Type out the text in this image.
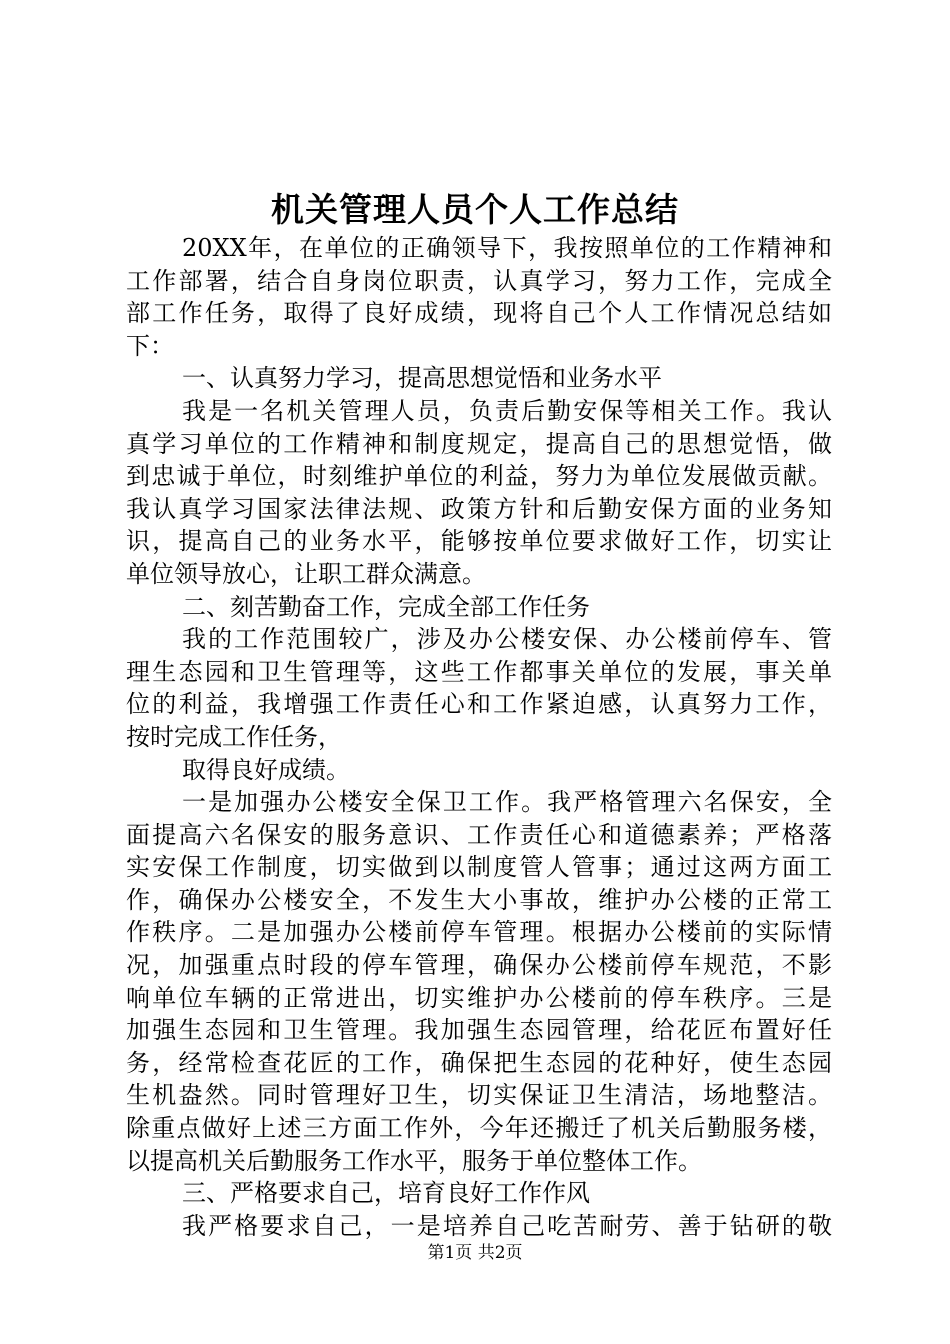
机关管理人员个人工作总结
20XX年，在单位的正确领导下，我按照单位的工作精神和
工作部署，结合自身岗位职责，认真学习，努力工作，完成全
部工作任务，取得了良好成绩，现将自己个人工作情况总结如
下：
一、认真努力学习，提高思想觉悟和业务水平
我是一名机关管理人员，负责后勤安保等相关工作。我认
真学习单位的工作精神和制度规定，提高自己的思想觉悟，做
到忠诚于单位，时刻维护单位的利益，努力为单位发展做贡献。
我认真学习国家法律法规、政策方针和后勤安保方面的业务知
识，提高自己的业务水平，能够按单位要求做好工作，切实让
单位领导放心，让职工群众满意。
二、刻苦勤奋工作，完成全部工作任务
我的工作范围较广，涉及办公楼安保、办公楼前停车、管
理生态园和卫生管理等，这些工作都事关单位的发展，事关单
位的利益，我增强工作责任心和工作紧迫感，认真努力工作，
按时完成工作任务，
取得良好成绩。
一是加强办公楼安全保卫工作。我严格管理六名保安，全
面提高六名保安的服务意识、工作责任心和道德素养；严格落
实安保工作制度，切实做到以制度管人管事；通过这两方面工
作，确保办公楼安全，不发生大小事故，维护办公楼的正常工
作秩序。二是加强办公楼前停车管理。根据办公楼前的实际情
况，加强重点时段的停车管理，确保办公楼前停车规范，不影
响单位车辆的正常进出，切实维护办公楼前的停车秩序。三是
加强生态园和卫生管理。我加强生态园管理，给花匠布置好任
务，经常检查花匠的工作，确保把生态园的花种好，使生态园
生机盎然。同时管理好卫生，切实保证卫生清洁，场地整洁。
除重点做好上述三方面工作外，今年还搬迁了机关后勤服务楼，
以提高机关后勤服务工作水平，服务于单位整体工作。
三、严格要求自己，培育良好工作作风
我严格要求自己，一是培养自己吃苦耐劳、善于钻研的敬
第1页 共2页
